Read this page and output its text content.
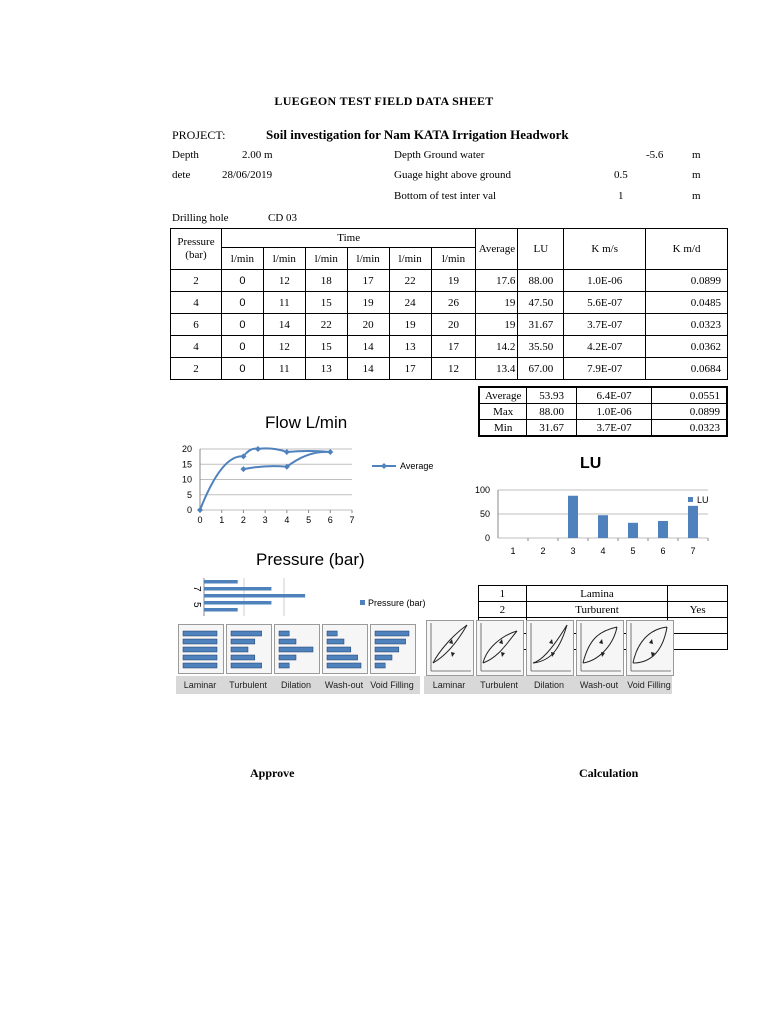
LUEGEON TEST FIELD DATA SHEET
PROJECT:	Soil investigation for Nam KATA Irrigation Headwork
Depth	2.00 m	Depth Ground water	-5.6	m
dete	28/06/2019	Guage hight above ground	0.5	m
Bottom of test inter val	1	m
Drilling hole	CD 03
Pressure
(bar)	Time						Average	LU	K m/s	K m/d
	l/min	l/min	l/min	l/min	l/min	l/min				
2	0	12	18	17	22	19	17.6	88.00	1.0E-06	0.0899
4	0	11	15	19	24	26	19	47.50	5.6E-07	0.0485
6	0	14	22	20	19	20	19	31.67	3.7E-07	0.0323
4	0	12	15	14	13	17	14.2	35.50	4.2E-07	0.0362
2	0	11	13	14	17	12	13.4	67.00	7.9E-07	0.0684
Average	53.93	6.4E-07	0.0551
Max	88.00	1.0E-06	0.0899
Min	31.67	3.7E-07	0.0323
Flow L/min
0
5
10
15
20
0 1 2 3 4 5 6 7
Average	LU
0
50
100
1	2	3	4	5	6	7
LU
Pressure (bar)
7
5	Pressure (bar)
1	Lamina	
2	Turburent	Yes

Laminar	Turbulent	Dilation	Wash-out Void Filling	Laminar	Turbulent	Dilation	Wash-out	Void Filling
Approve	Calculation
